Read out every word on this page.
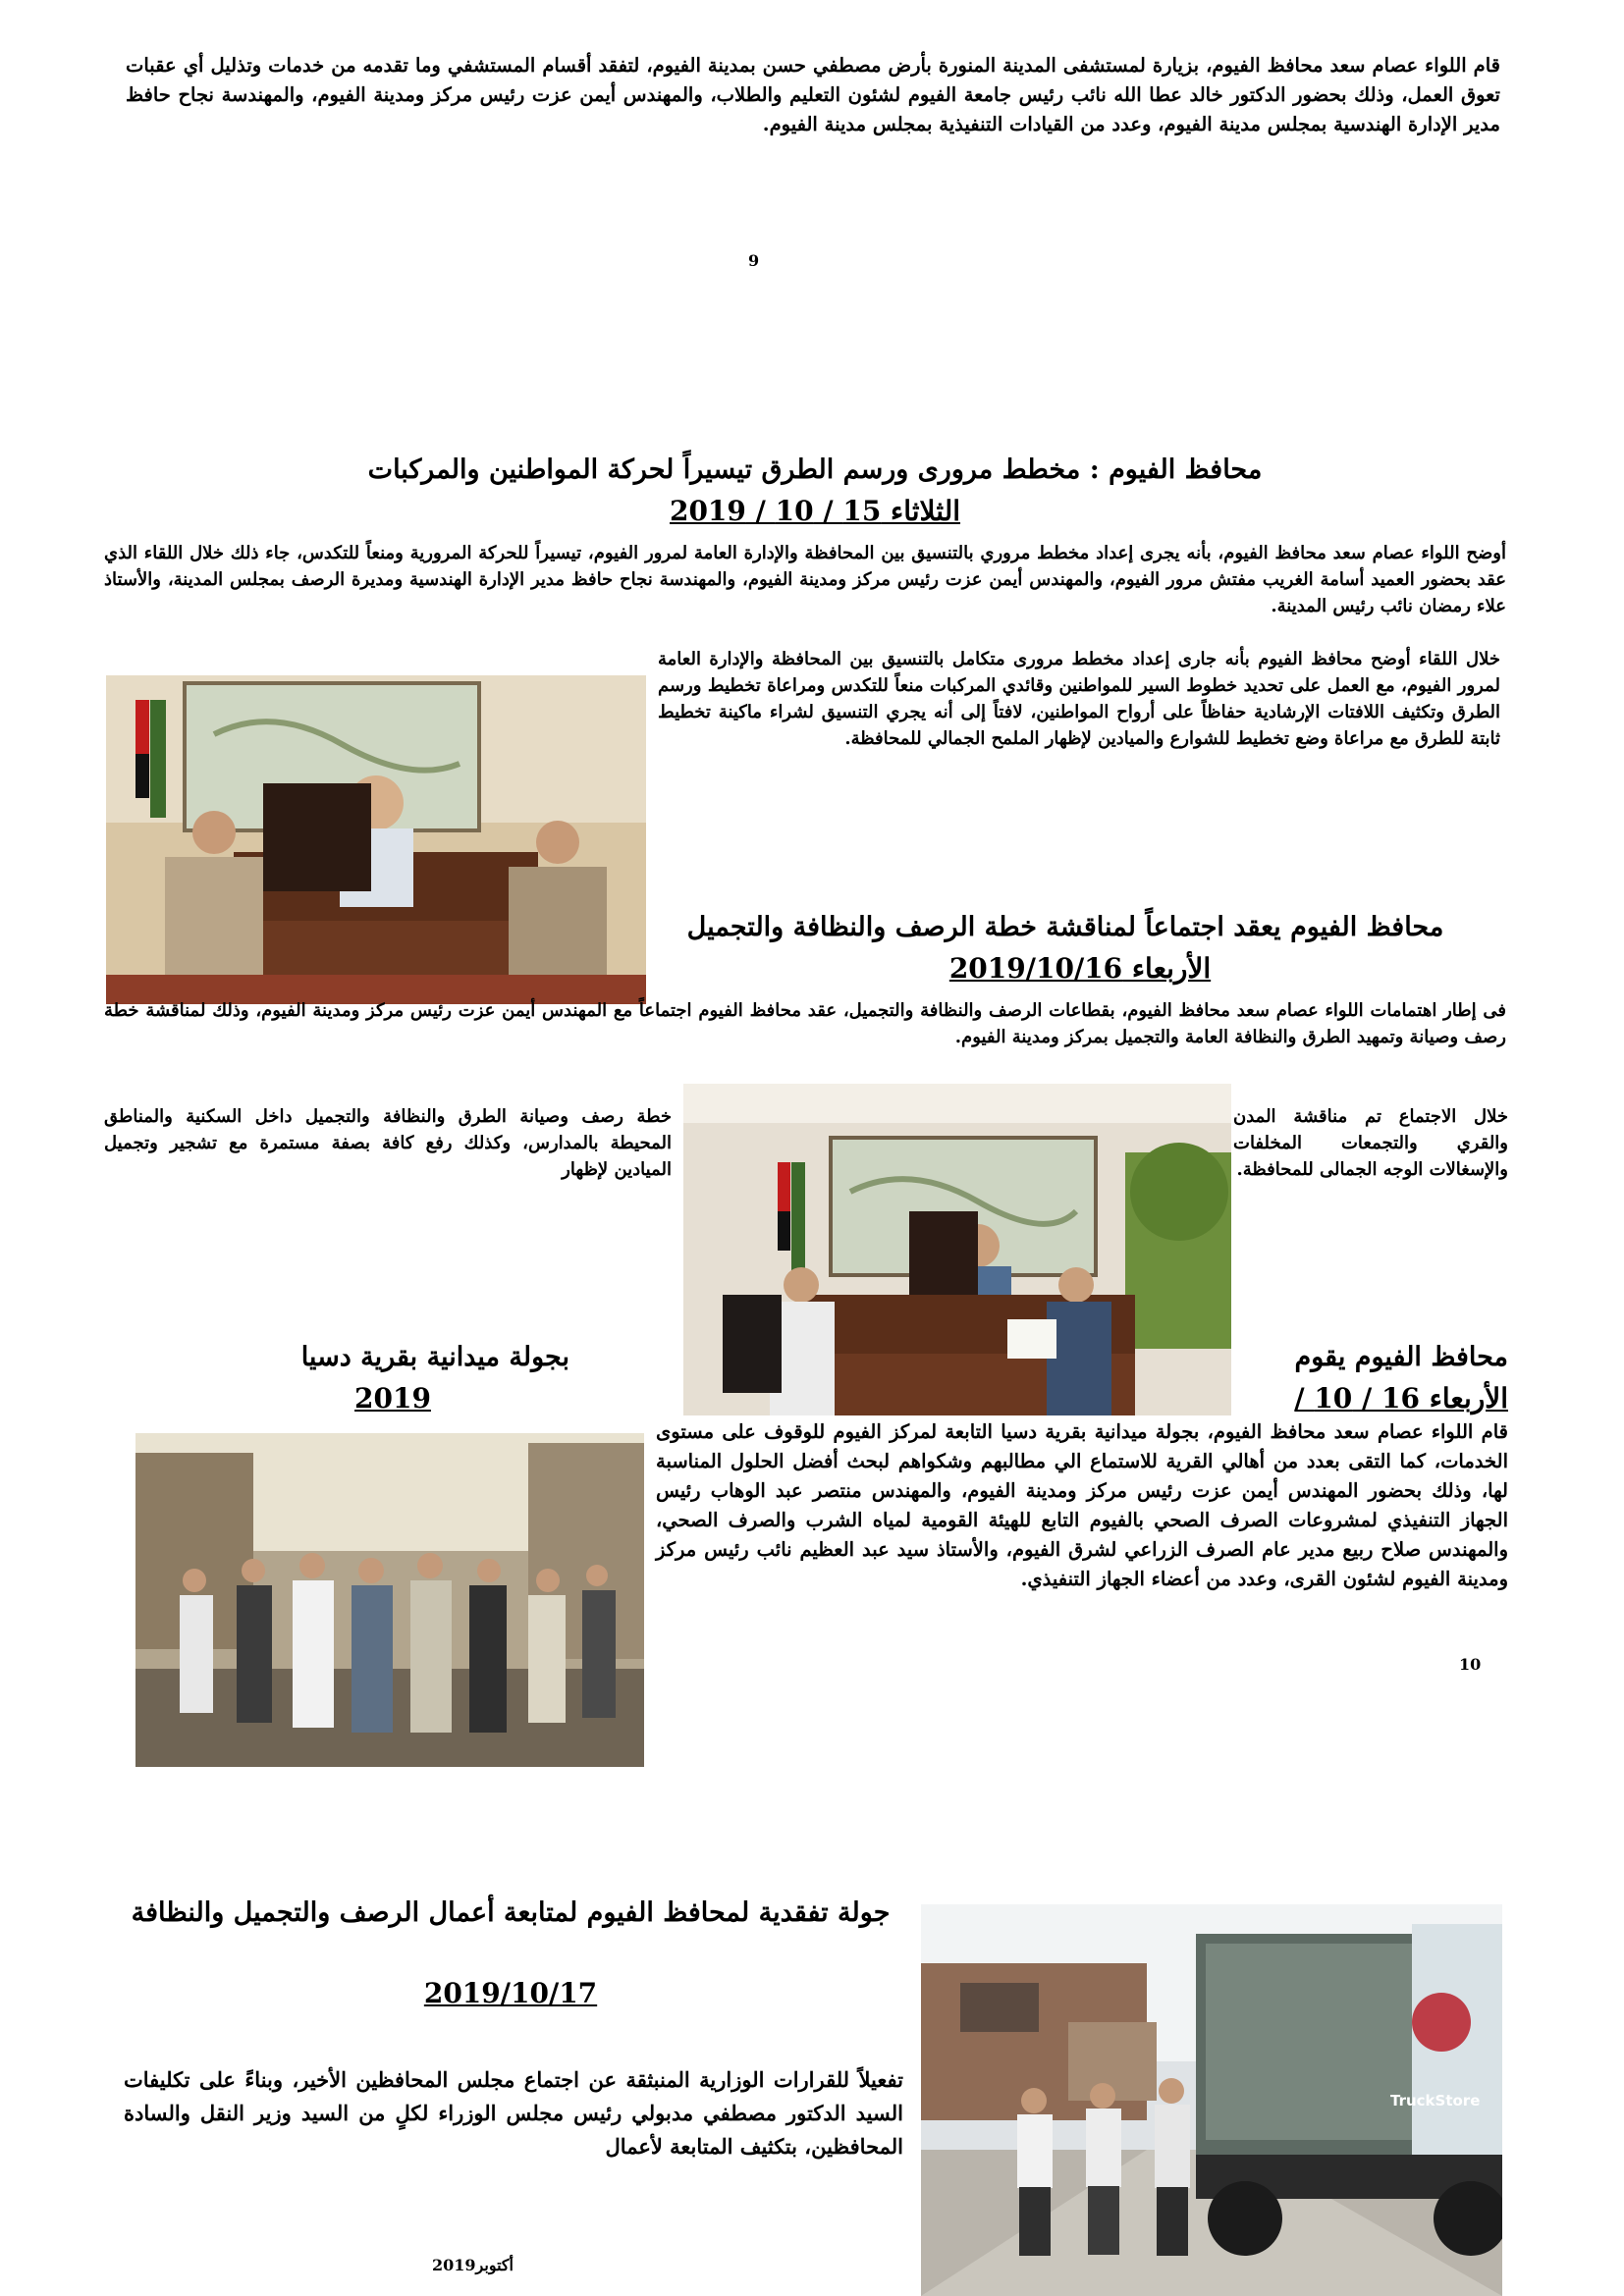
قام اللواء عصام سعد محافظ الفيوم، بزيارة لمستشفى المدينة المنورة بأرض مصطفي حسن بمدينة الفيوم، لتفقد أقسام المستشفي وما تقدمه من خدمات وتذليل أي عقبات تعوق العمل، وذلك بحضور الدكتور خالد عطا الله نائب رئيس جامعة الفيوم لشئون التعليم والطلاب، والمهندس أيمن عزت رئيس مركز ومدينة الفيوم، والمهندسة نجاح حافظ مدير الإدارة الهندسية بمجلس مدينة الفيوم، وعدد من القيادات التنفيذية بمجلس مدينة الفيوم.

9
محافظ الفيوم : مخطط مرورى ورسم الطرق تيسيراً لحركة المواطنين والمركبات
الثلاثاء 15 / 10 / 2019

أوضح اللواء عصام سعد محافظ الفيوم، بأنه يجرى إعداد مخطط مروري بالتنسيق بين المحافظة والإدارة العامة لمرور الفيوم، تيسيراً للحركة المرورية ومنعاً للتكدس، جاء ذلك خلال اللقاء الذي عقد بحضور العميد أسامة الغريب مفتش مرور الفيوم، والمهندس أيمن عزت رئيس مركز ومدينة الفيوم، والمهندسة نجاح حافظ مدير الإدارة الهندسية ومديرة الرصف بمجلس المدينة، والأستاذ علاء رمضان نائب رئيس المدينة.

خلال اللقاء أوضح محافظ الفيوم بأنه جارى إعداد مخطط مرورى متكامل بالتنسيق بين المحافظة والإدارة العامة لمرور الفيوم، مع العمل على تحديد خطوط السير للمواطنين وقائدي المركبات منعاً للتكدس ومراعاة تخطيط ورسم الطرق وتكثيف اللافتات الإرشادية حفاظاً على أرواح المواطنين، لافتاً إلى أنه يجري التنسيق لشراء ماكينة تخطيط ثابتة للطرق مع مراعاة وضع تخطيط للشوارع والميادين لإظهار الملمح الجمالي للمحافظة.

محافظ الفيوم يعقد اجتماعاً لمناقشة خطة الرصف والنظافة والتجميل
الأربعاء 2019/10/16

فى إطار اهتمامات اللواء عصام سعد محافظ الفيوم، بقطاعات الرصف والنظافة والتجميل، عقد محافظ الفيوم اجتماعاً مع المهندس أيمن عزت رئيس مركز ومدينة الفيوم، وذلك لمناقشة خطة رصف وصيانة وتمهيد الطرق والنظافة العامة والتجميل بمركز ومدينة الفيوم.

خلال الاجتماع تم مناقشة المدن والقري والتجمعات المخلفات والإسغالات الوجه الجمالى للمحافظة.

خطة رصف وصيانة الطرق والنظافة والتجميل داخل السكنية والمناطق المحيطة بالمدارس، وكذلك رفع كافة بصفة مستمرة مع تشجير وتجميل الميادين لإظهار

محافظ الفيوم يقوم
بجولة ميدانية بقرية دسيا
الأربعاء 16 / 10 /
2019

قام اللواء عصام سعد محافظ الفيوم، بجولة ميدانية بقرية دسيا التابعة لمركز الفيوم للوقوف على مستوى الخدمات، كما التقى بعدد من أهالي القرية للاستماع الي مطالبهم وشكواهم لبحث أفضل الحلول المناسبة لها، وذلك بحضور المهندس أيمن عزت رئيس مركز ومدينة الفيوم، والمهندس منتصر عبد الوهاب رئيس الجهاز التنفيذي لمشروعات الصرف الصحي بالفيوم التابع للهيئة القومية لمياه الشرب والصرف الصحي، والمهندس صلاح ربيع مدير عام الصرف الزراعي لشرق الفيوم، والأستاذ سيد عبد العظيم نائب رئيس مركز ومدينة الفيوم لشئون القرى، وعدد من أعضاء الجهاز التنفيذي.

10
جولة تفقدية لمحافظ الفيوم لمتابعة أعمال الرصف والتجميل والنظافة
2019/10/17

تفعيلاً للقرارات الوزارية المنبثقة عن اجتماع مجلس المحافظين الأخير، وبناءً على تكليفات السيد الدكتور مصطفي مدبولي رئيس مجلس الوزراء لكلٍ من السيد وزير النقل والسادة المحافظين، بتكثيف المتابعة لأعمال

TruckStore
أكتوبر2019
